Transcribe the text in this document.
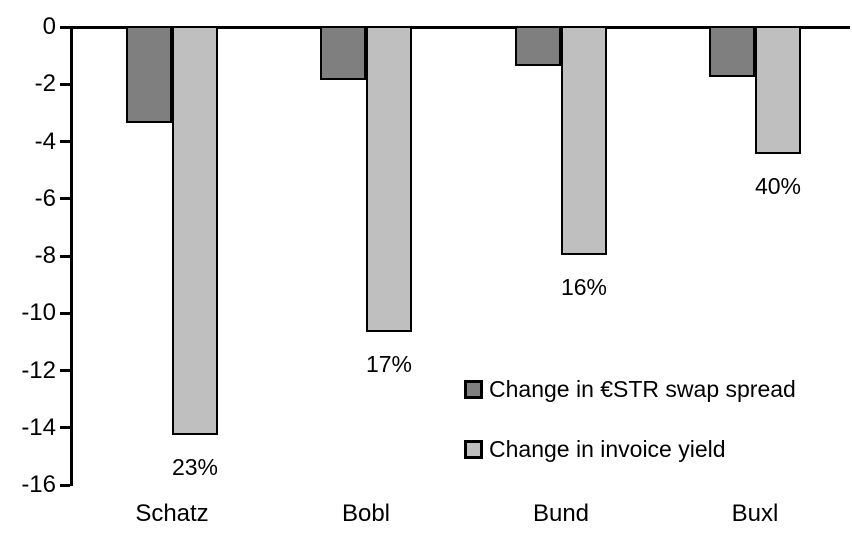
0
-2
-4
-6
-8
-10
-12
-14
-16
23%
17%
16%
40%
Schatz	Bobl	Bund	Buxl
Change in €STR swap spread
Change in invoice yield
